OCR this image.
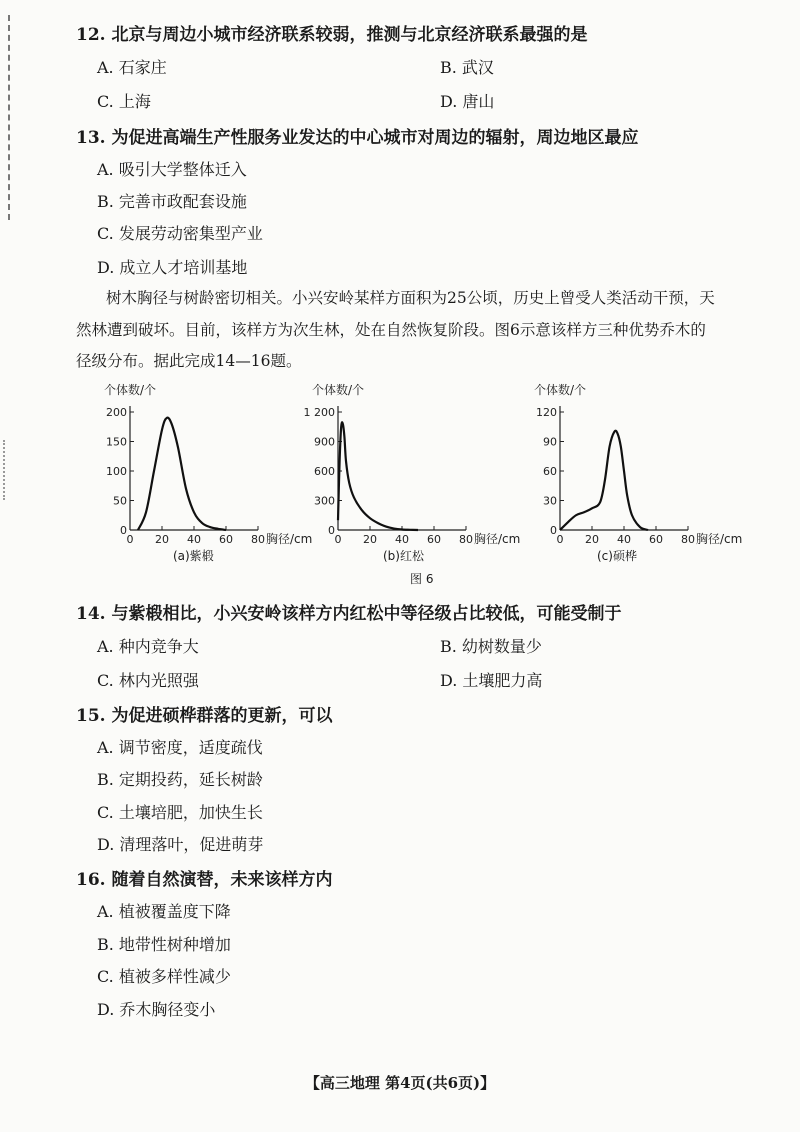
12. 北京与周边小城市经济联系较弱，推测与北京经济联系最强的是
A. 石家庄	B. 武汉
C. 上海	D. 唐山
13. 为促进高端生产性服务业发达的中心城市对周边的辐射，周边地区最应
A. 吸引大学整体迁入
B. 完善市政配套设施
C. 发展劳动密集型产业
D. 成立人才培训基地
树木胸径与树龄密切相关。小兴安岭某样方面积为25公顷，历史上曾受人类活动干预，天
然林遭到破坏。目前，该样方为次生林，处在自然恢复阶段。图6示意该样方三种优势乔木的
径级分布。据此完成14—16题。
个体数/个
0
50
100
150
200
0 20 40 60 80 胸径/cm
个体数/个
0
300
600
900
1 200
0 20 40 60 80 胸径/cm
个体数/个
0
30
60
90
120
0 20 40 60 80 胸径/cm
(a)紫椴	(b)红松	(c)硕桦
图 6
14. 与紫椴相比，小兴安岭该样方内红松中等径级占比较低，可能受制于
A. 种内竞争大	B. 幼树数量少
C. 林内光照强	D. 土壤肥力高
15. 为促进硕桦群落的更新，可以
A. 调节密度，适度疏伐
B. 定期投药，延长树龄
C. 土壤培肥，加快生长
D. 清理落叶，促进萌芽
16. 随着自然演替，未来该样方内
A. 植被覆盖度下降
B. 地带性树种增加
C. 植被多样性减少
D. 乔木胸径变小
【高三地理 第4页(共6页)】
